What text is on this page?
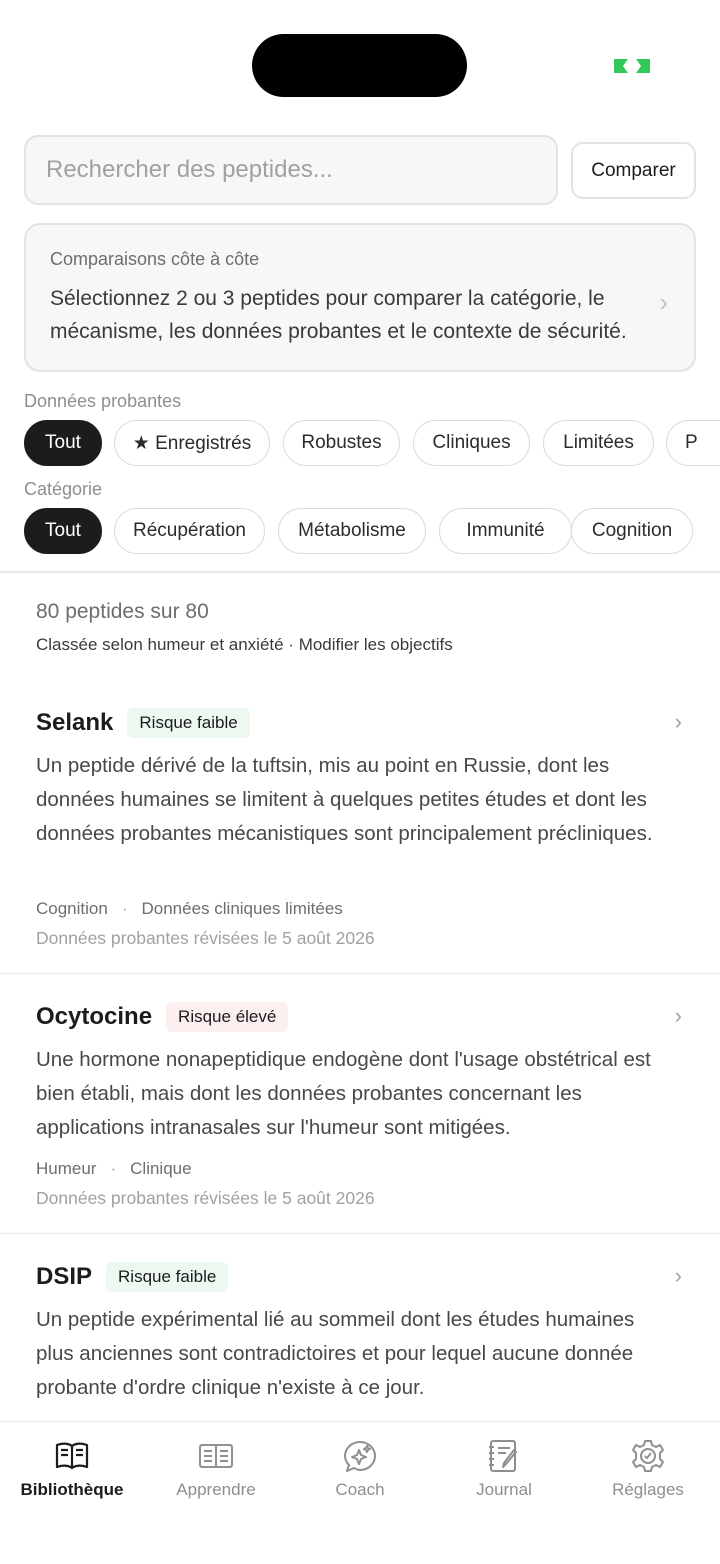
Rechercher des peptides...
Comparer
Comparaisons côte à côte
Sélectionnez 2 ou 3 peptides pour comparer la catégorie, le mécanisme, les données probantes et le contexte de sécurité.
›
Données probantes
Tout	★ Enregistrés	Robustes	Cliniques	Limitées	P
Catégorie
Tout	Récupération	Métabolisme	Immunité	Cognition
80 peptides sur 80
Classée selon humeur et anxiété · Modifier les objectifs
Selank	Risque faible	›
Un peptide dérivé de la tuftsin, mis au point en Russie, dont les données humaines se limitent à quelques petites études et dont les données probantes mécanistiques sont principalement précliniques.
Cognition · Données cliniques limitées
Données probantes révisées le 5 août 2026
Ocytocine	Risque élevé	›
Une hormone nonapeptidique endogène dont l'usage obstétrical est bien établi, mais dont les données probantes concernant les applications intranasales sur l'humeur sont mitigées.
Humeur · Clinique
Données probantes révisées le 5 août 2026
DSIP	Risque faible	›
Un peptide expérimental lié au sommeil dont les études humaines plus anciennes sont contradictoires et pour lequel aucune donnée probante d'ordre clinique n'existe à ce jour.
Bibliothèque	Apprendre	Coach	Journal	Réglages
